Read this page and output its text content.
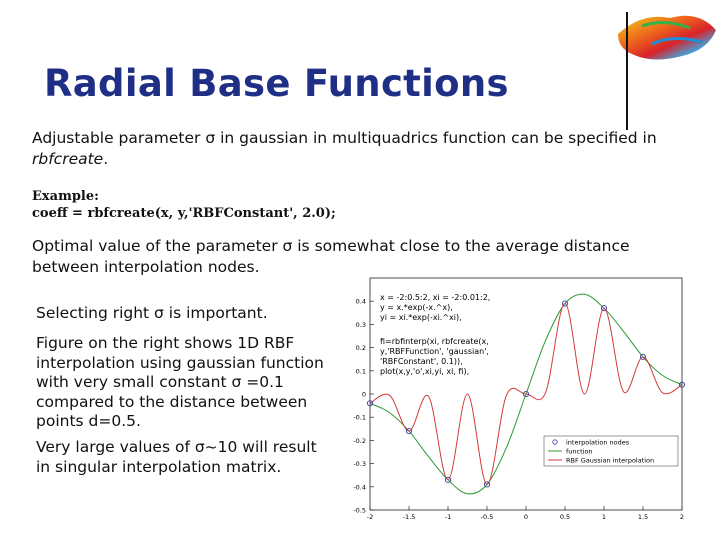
Radial Base Functions
Adjustable parameter σ in gaussian in multiquadrics function can be specified in rbfcreate.
Example:
coeff = rbfcreate(x, y,'RBFConstant', 2.0);
Optimal value of the parameter σ is somewhat close to the average distance between interpolation nodes.
Selecting right σ is important.
Figure on the right shows 1D RBF interpolation using gaussian function with very small constant σ =0.1 compared to the distance between points d=0.5.
Very large values of σ~10 will result in singular interpolation matrix.
-0.5
-0.4
-0.3
-0.2
-0.1
0
0.1
0.2
0.3
0.4
-2	-1.5	-1	-0.5	0	0.5	1	1.5	2
x = -2:0.5:2, xi = -2:0.01:2,
y = x.*exp(-x.^x),
yi = xi.*exp(-xi.^xi),
fi=rbfinterp(xi, rbfcreate(x,
y,'RBFFunction', 'gaussian',
'RBFConstant', 0.1)),
plot(x,y,'o',xi,yi, xi, fi),
interpolation nodes
function
RBF Gaussian interpolation
